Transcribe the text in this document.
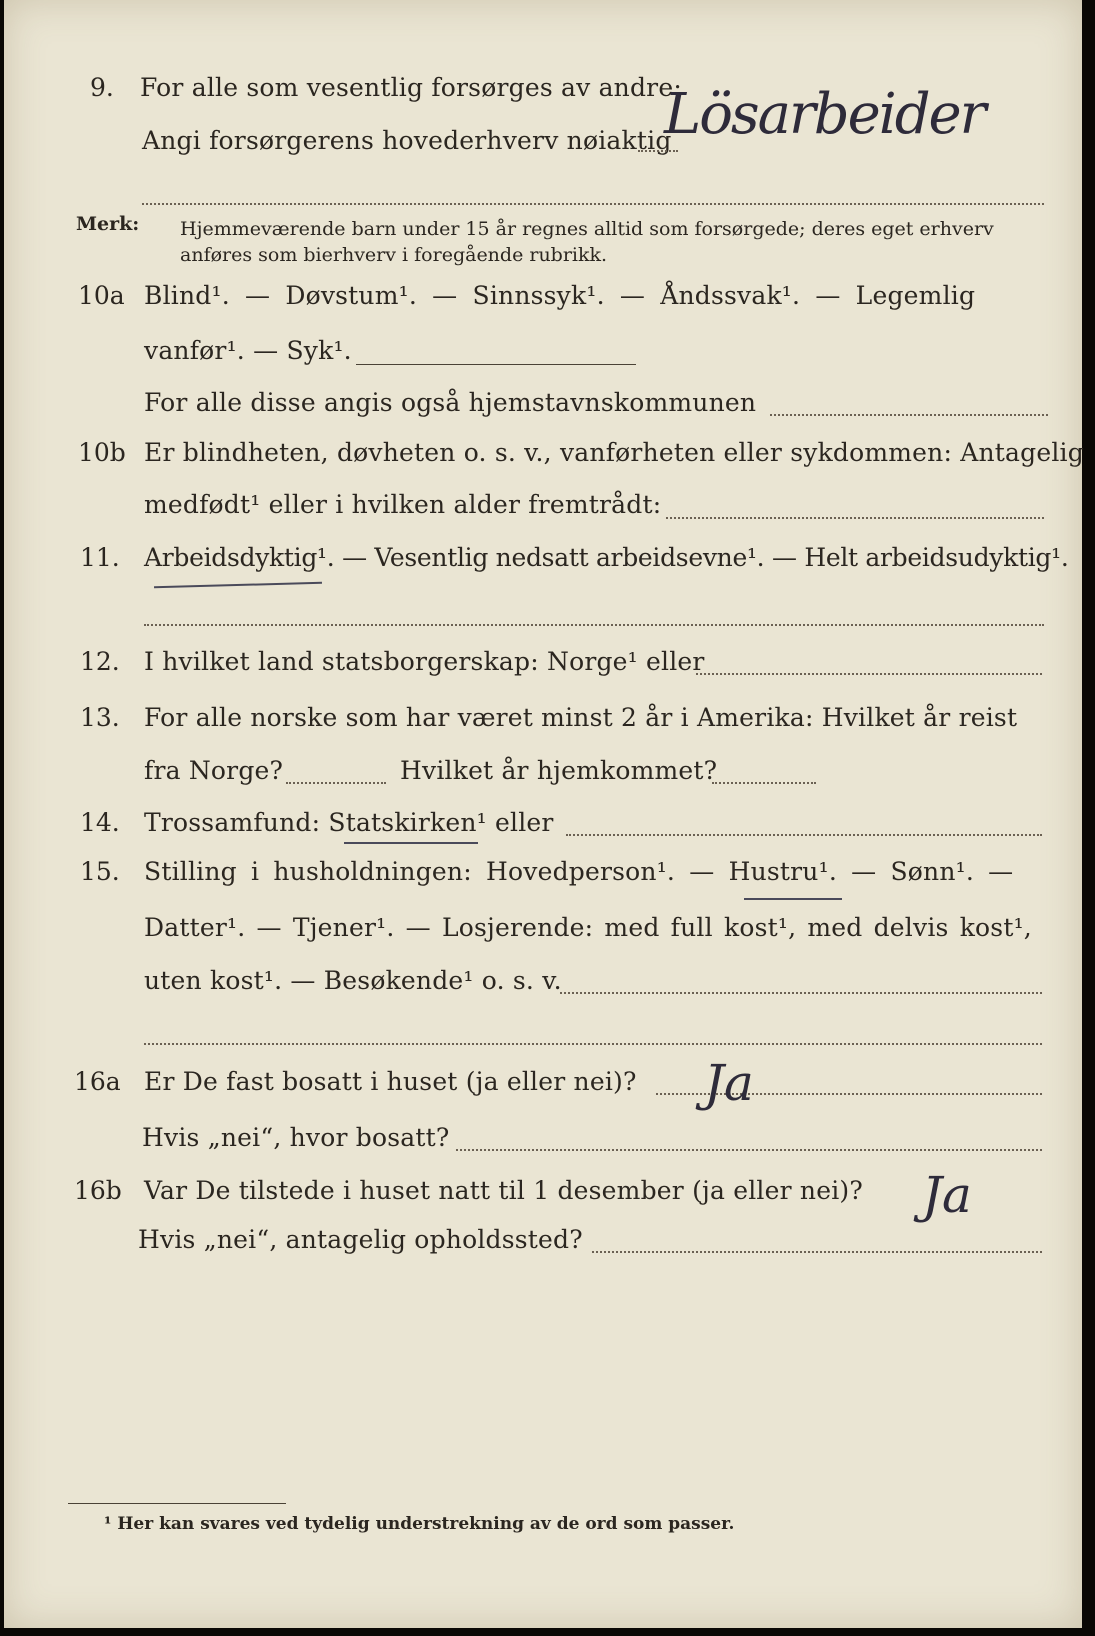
9. For alle som vesentlig forsørges av andre:
Angi forsørgerens hovederhverv nøiaktig
Lösarbeider
Merk: Hjemmeværende barn under 15 år regnes alltid som forsørgede; deres eget erhverv
anføres som bierhverv i foregående rubrikk.
10a Blind¹. — Døvstum¹. — Sinnssyk¹. — Åndssvak¹. — Legemlig
vanfør¹. — Syk¹.
For alle disse angis også hjemstavnskommunen
10b Er blindheten, døvheten o. s. v., vanførheten eller sykdommen: Antagelig
medfødt¹ eller i hvilken alder fremtrådt:
11. Arbeidsdyktig¹. — Vesentlig nedsatt arbeidsevne¹. — Helt arbeidsudyktig¹.
12. I hvilket land statsborgerskap: Norge¹ eller
13. For alle norske som har været minst 2 år i Amerika: Hvilket år reist
fra Norge?	Hvilket år hjemkommet?
14. Trossamfund: Statskirken¹ eller
15. Stilling i husholdningen: Hovedperson¹. — Hustru¹. — Sønn¹. —
Datter¹. — Tjener¹. — Losjerende: med full kost¹, med delvis kost¹,
uten kost¹. — Besøkende¹ o. s. v.
16a Er De fast bosatt i huset (ja eller nei)? Ja
Hvis „nei“, hvor bosatt?
16b Var De tilstede i huset natt til 1 desember (ja eller nei)? Ja
Hvis „nei“, antagelig opholdssted?
¹ Her kan svares ved tydelig understrekning av de ord som passer.
